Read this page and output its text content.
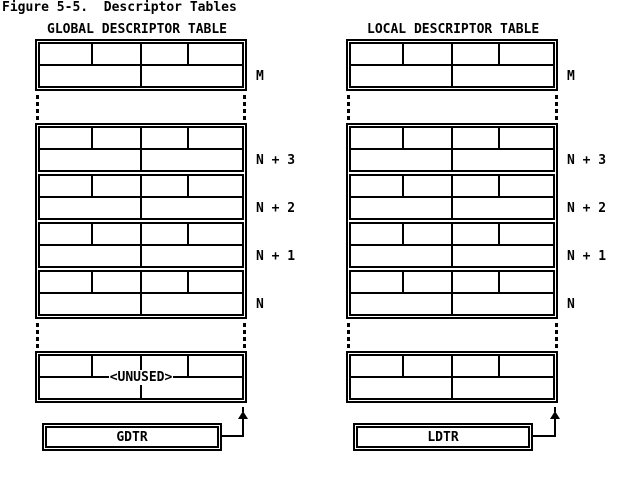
Figure 5-5.  Descriptor Tables
GLOBAL DESCRIPTOR TABLE
M
N + 3
N + 2
N + 1
N
<UNUSED>
GDTR
LOCAL DESCRIPTOR TABLE
M
N + 3
N + 2
N + 1
N
LDTR
